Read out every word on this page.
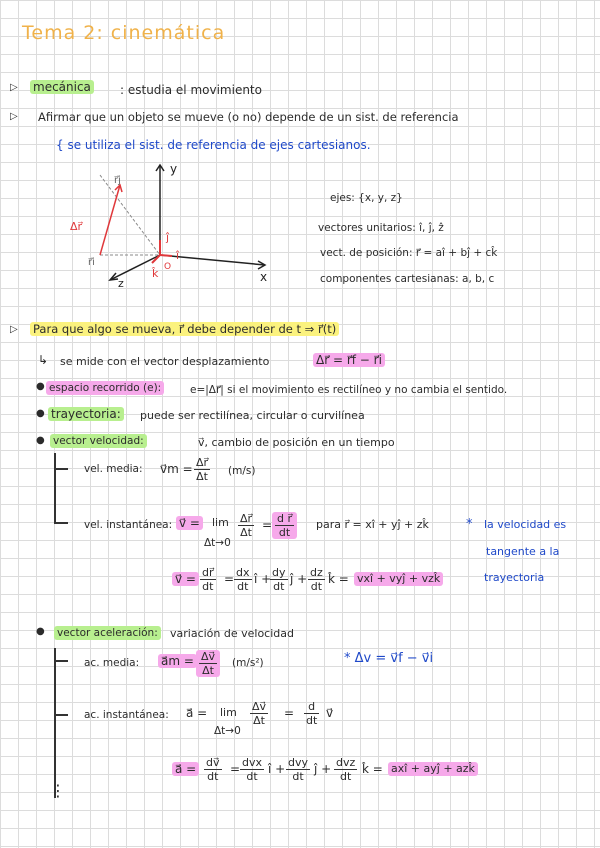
Tema 2: cinemática
▷ mecánica : estudia el movimiento
▷ Afirmar que un objeto se mueve (o no) depende de un sist. de referencia
{ se utiliza el sist. de referencia de ejes cartesianos.
y
x
z
Δr⃗
r⃗j
r⃗i
î
ĵ
k̂ O
ejes: {x, y, z}
vectores unitarios: î, ĵ, ẑ
vect. de posición: r⃗ = aî + bĵ + ck̂
componentes cartesianas: a, b, c
▷ Para que algo se mueva, r⃗ debe depender de t ⇒ r⃗(t)
↳ se mide con el vector desplazamiento	Δr⃗ = r⃗f − r⃗i
● espacio recorrido (e):	e=|Δr⃗| si el movimiento es rectilíneo y no cambia el sentido.
● trayectoria: puede ser rectilínea, circular o curvilínea
● vector velocidad:	v⃗, cambio de posición en un tiempo
vel. media: v⃗m = $\frac{\Delta r⃗}{\Delta t} (m/s)$
vel. instantánea: v⃗ = lim
Δt→0
$\frac{\Delta r⃗}{\Delta t} = \frac{\text{d r⃗}}{dt}$ para r⃗ = xî + yĵ + zk̂	* la velocidad es
tangente a la
trayectoria
v⃗ = $\frac{dr⃗}{dt} = \frac{dx}{dt}$ î +
$\frac{dy}{dt}$ ĵ + $\frac{dz}{dt}$ k̂ = vxî + vyĵ + vzk̂
● vector aceleración: variación de velocidad
ac. media: a⃗m = $\frac{\Delta v⃗}{\Delta t} (m/s^2)$	* Δv = v⃗f − v⃗i
ac. instantánea: a⃗ = lim
Δt→0
$\frac{\Delta v⃗}{\Delta t} = \frac{d}{dt}$ v⃗
a⃗ = $\frac{dv⃗}{dt}$ = dvx
dt
î + dvy
dt
ĵ + dvz
dt
k̂ = axî + ayĵ + azk̂
⋮
